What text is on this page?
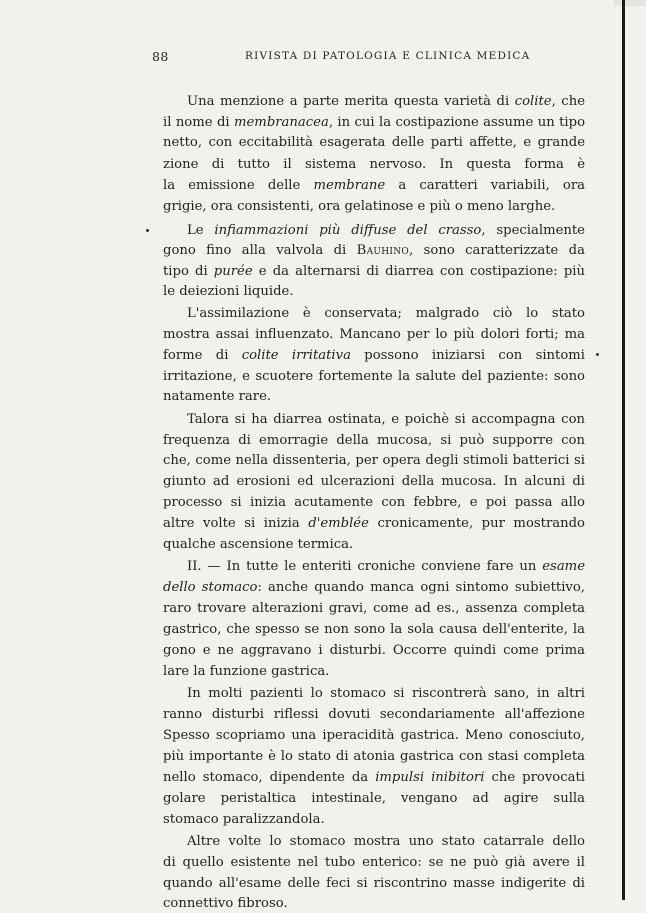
88	RIVISTA DI PATOLOGIA E CLINICA MEDICA
Una menzione a parte merita questa varietà di colite, che
il nome di membranacea, in cui la costipazione assume un tipo
netto, con eccitabilità esagerata delle parti affette, e grande
zione di tutto il sistema nervoso. In questa forma è
la emissione delle membrane a caratteri variabili, ora
grigie, ora consistenti, ora gelatinose e più o meno larghe.
Le infiammazioni più diffuse del crasso, specialmente
gono fino alla valvola di Bauhino, sono caratterizzate da
tipo di purée e da alternarsi di diarrea con costipazione: più
le deiezioni liquide.
L'assimilazione è conservata; malgrado ciò lo stato
mostra assai influenzato. Mancano per lo più dolori forti; ma
forme di colite irritativa possono iniziarsi con sintomi
irritazione, e scuotere fortemente la salute del paziente: sono
natamente rare.
Talora si ha diarrea ostinata, e poichè si accompagna con
frequenza di emorragie della mucosa, si può supporre con
che, come nella dissenteria, per opera degli stimoli batterici si
giunto ad erosioni ed ulcerazioni della mucosa. In alcuni di
processo si inizia acutamente con febbre, e poi passa allo
altre volte si inizia d'emblée cronicamente, pur mostrando
qualche ascensione termica.
II. — In tutte le enteriti croniche conviene fare un esame
dello stomaco: anche quando manca ogni sintomo subiettivo,
raro trovare alterazioni gravi, come ad es., assenza completa
gastrico, che spesso se non sono la sola causa dell'enterite, la
gono e ne aggravano i disturbi. Occorre quindi come prima
lare la funzione gastrica.
In molti pazienti lo stomaco si riscontrerà sano, in altri
ranno disturbi riflessi dovuti secondariamente all'affezione
Spesso scopriamo una iperacidità gastrica. Meno conosciuto,
più importante è lo stato di atonia gastrica con stasi completa
nello stomaco, dipendente da impulsi inibitori che provocati
golare peristaltica intestinale, vengano ad agire sulla
stomaco paralizzandola.
Altre volte lo stomaco mostra uno stato catarrale dello
di quello esistente nel tubo enterico: se ne può già avere il
quando all'esame delle feci si riscontrino masse indigerite di
connettivo fibroso.
